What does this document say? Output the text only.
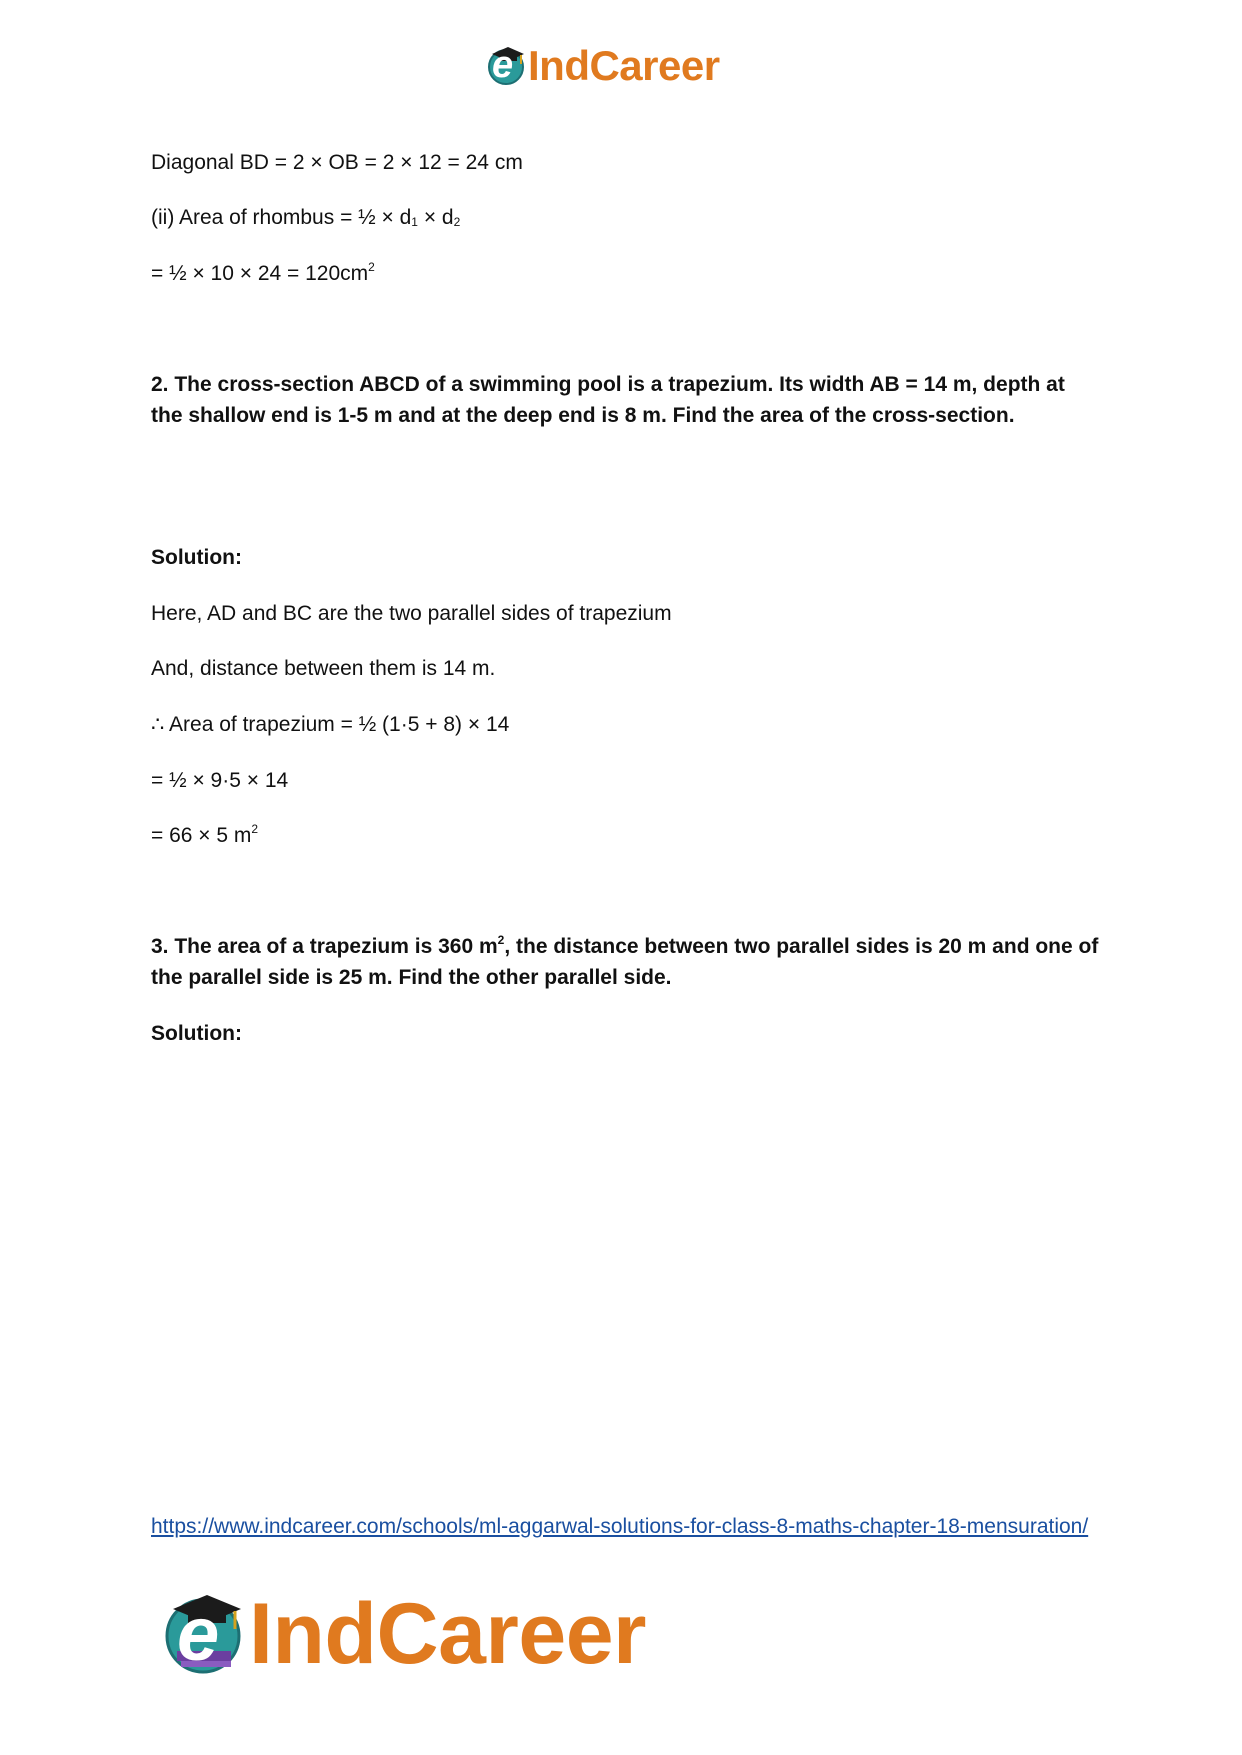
e IndCareer
Diagonal BD = 2 × OB = 2 × 12 = 24 cm
(ii) Area of rhombus = ½ × $d_1 \times d_2$
= ½ × $10 \times 24 = 120cm^2$
2. The cross-section ABCD of a swimming pool is a trapezium. Its width AB = 14 m, depth at the shallow end is 1-5 m and at the deep end is 8 m. Find the area of the cross-section.
Solution:
Here, AD and BC are the two parallel sides of trapezium
And, distance between them is 14 m.
∴ Area of trapezium = ½ (1·5 + 8) × 14
= ½ × 9·5 × 14
= 66 × 5 $m^2$
3. The area of a trapezium is 360 $m^2$, the distance between two parallel sides is 20 m and one of the parallel side is 25 m. Find the other parallel side.
Solution:
https://www.indcareer.com/schools/ml-aggarwal-solutions-for-class-8-maths-chapter-18-mensuration/
e IndCareer
